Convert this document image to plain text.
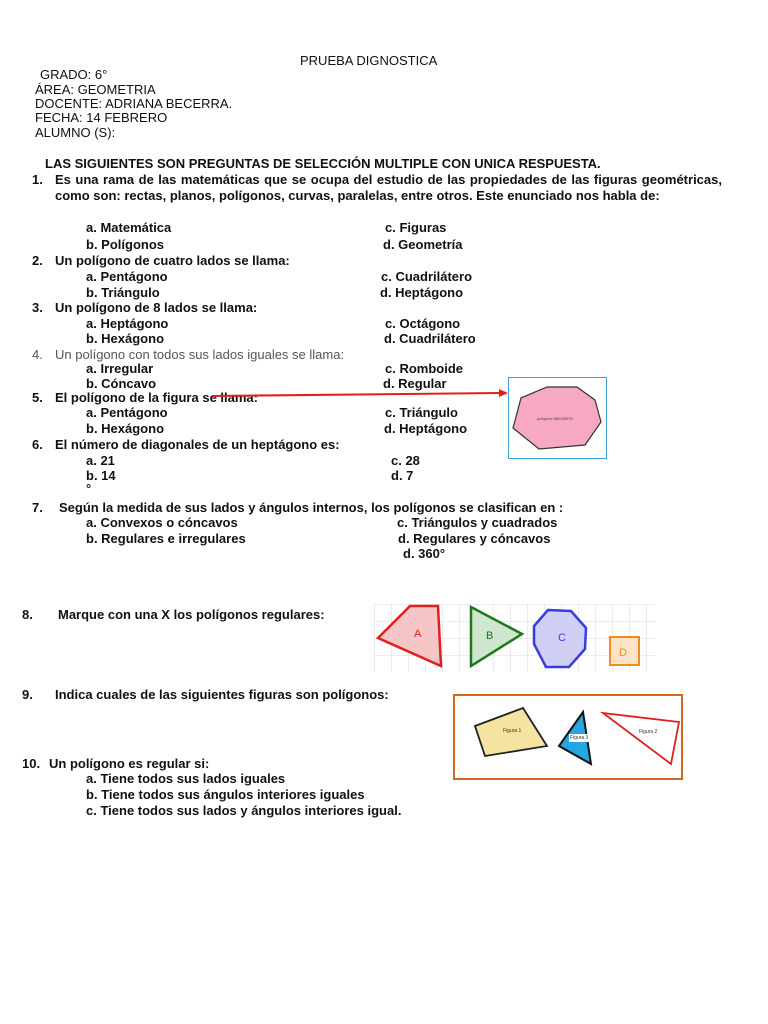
PRUEBA DIGNOSTICA
GRADO: 6°
ÁREA: GEOMETRIA
DOCENTE: ADRIANA BECERRA.
FECHA: 14 FEBRERO
ALUMNO (S):
LAS SIGUIENTES SON PREGUNTAS DE SELECCIÓN MULTIPLE CON UNICA RESPUESTA.
1. Es una rama de las matemáticas que se ocupa del estudio de las propiedades de las figuras geométricas, como son: rectas, planos, polígonos, curvas, paralelas, entre otros. Este enunciado nos habla de:
a. Matemática
b. Polígonos
c. Figuras
d. Geometría
2. Un polígono de cuatro lados se llama:
a. Pentágono
b. Triángulo
c. Cuadrilátero
d. Heptágono
3. Un polígono de 8 lados se llama:
a. Heptágono
b. Hexágono
c. Octágono
d. Cuadrilátero
4. Un polígono con todos sus lados iguales se llama:
a. Irregular
b. Cóncavo
c. Romboide
d. Regular
5. El polígono de la figura se llama:
a. Pentágono
b. Hexágono
c. Triángulo
d. Heptágono
polígono ABCDEFG
6. El número de diagonales de un heptágono es:
a. 21
b. 14
c. 28
d. 7
°
7. Según la medida de sus lados y ángulos internos, los polígonos se clasifican en :
a. Convexos o cóncavos
b. Regulares e irregulares
c. Triángulos y cuadrados
d. Regulares y cóncavos
d. 360°
8. Marque con una X los polígonos regulares:
A	B	C
D
9. Indica cuales de las siguientes figuras son polígonos:
Figura 1
Figura 3
Figura 2
10. Un polígono es regular si:
a. Tiene todos sus lados iguales
b. Tiene todos sus ángulos interiores iguales
c. Tiene todos sus lados y ángulos interiores igual.
